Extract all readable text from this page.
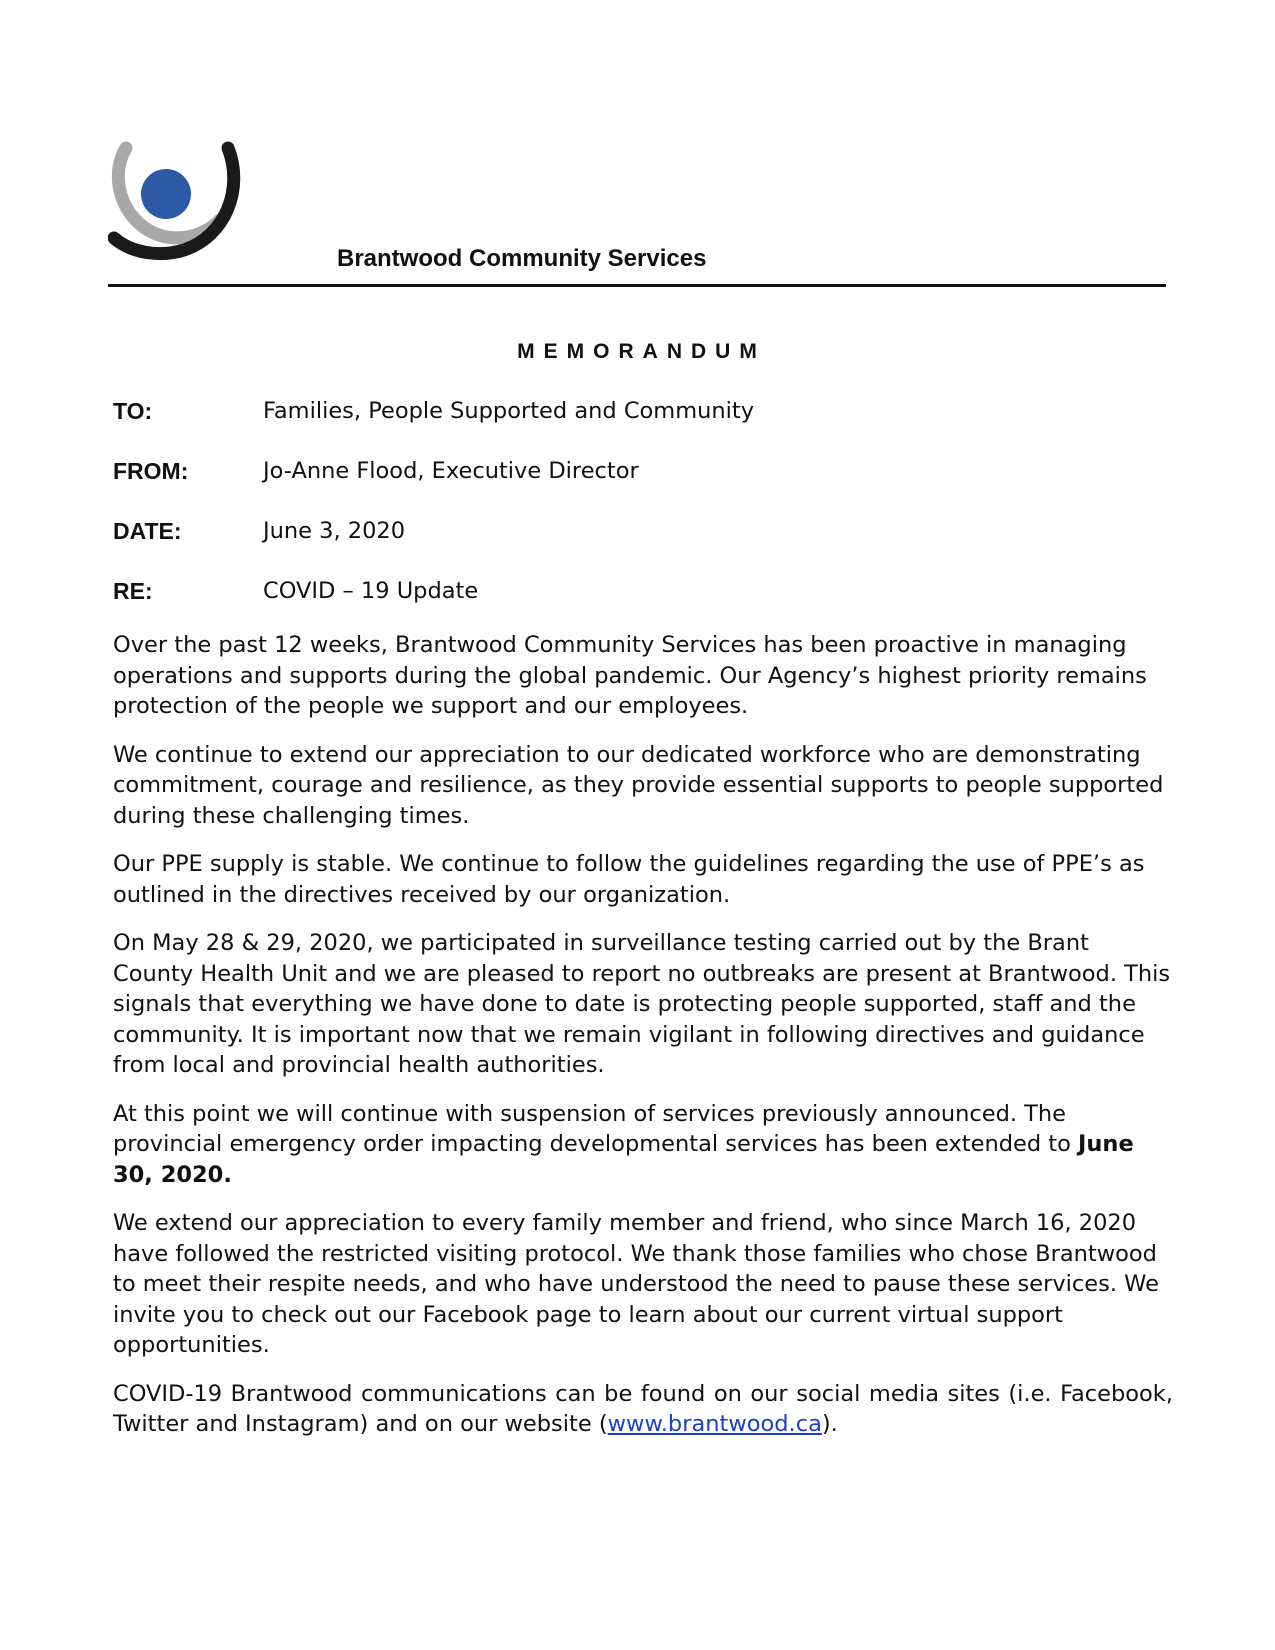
Brantwood Community Services
MEMORANDUM
TO:	Families, People Supported and Community
FROM:	Jo-Anne Flood, Executive Director
DATE:	June 3, 2020
RE:	COVID – 19 Update

Over the past 12 weeks, Brantwood Community Services has been proactive in managing operations and supports during the global pandemic. Our Agency’s highest priority remains protection of the people we support and our employees.

We continue to extend our appreciation to our dedicated workforce who are demonstrating commitment, courage and resilience, as they provide essential supports to people supported during these challenging times.

Our PPE supply is stable. We continue to follow the guidelines regarding the use of PPE’s as outlined in the directives received by our organization.

On May 28 & 29, 2020, we participated in surveillance testing carried out by the Brant County Health Unit and we are pleased to report no outbreaks are present at Brantwood. This signals that everything we have done to date is protecting people supported, staff and the community. It is important now that we remain vigilant in following directives and guidance from local and provincial health authorities.

At this point we will continue with suspension of services previously announced. The provincial emergency order impacting developmental services has been extended to June 30, 2020.

We extend our appreciation to every family member and friend, who since March 16, 2020 have followed the restricted visiting protocol. We thank those families who chose Brantwood to meet their respite needs, and who have understood the need to pause these services. We invite you to check out our Facebook page to learn about our current virtual support opportunities.

COVID-19 Brantwood communications can be found on our social media sites (i.e. Facebook, Twitter and Instagram) and on our website (www.brantwood.ca).
